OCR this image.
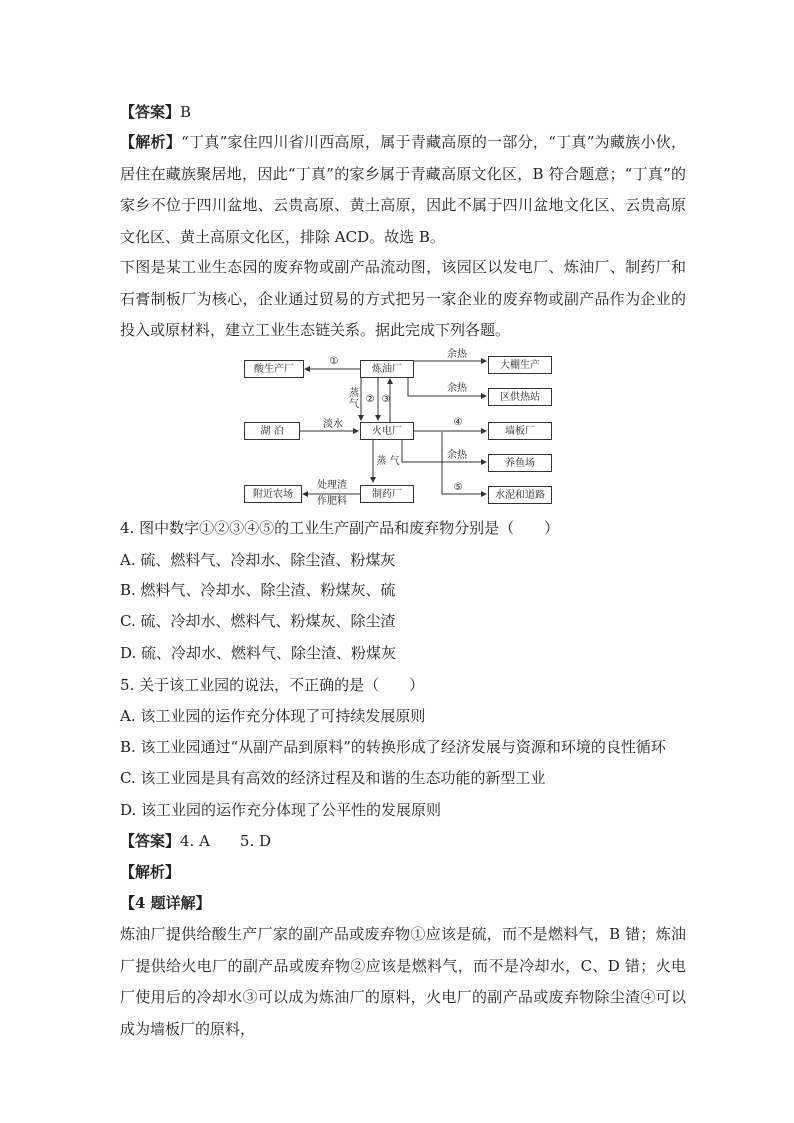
【答案】B

【解析】“丁真”家住四川省川西高原，属于青藏高原的一部分，“丁真”为藏族小伙，居住在藏族聚居地，因此“丁真”的家乡属于青藏高原文化区，B 符合题意；“丁真”的家乡不位于四川盆地、云贵高原、黄土高原，因此不属于四川盆地文化区、云贵高原文化区、黄土高原文化区，排除 ACD。故选 B。

下图是某工业生态园的废弃物或副产品流动图，该园区以发电厂、炼油厂、制药厂和石膏制板厂为核心，企业通过贸易的方式把另一家企业的废弃物或副产品作为企业的投入或原材料，建立工业生态链关系。据此完成下列各题。

酸生产厂	炼油厂	大棚生产
区供热站
湖 泊	火电厂	墙板厂
养鱼场
附近农场	制药厂	水泥和道路
①
余热
余热
蒸气 ② ③
淡水	④
余热
蒸 气
⑤
处理渣
作肥料

4. 图中数字①②③④⑤的工业生产副产品和废弃物分别是（　　）

A. 硫、燃料气、冷却水、除尘渣、粉煤灰

B. 燃料气、冷却水、除尘渣、粉煤灰、硫

C. 硫、冷却水、燃料气、粉煤灰、除尘渣

D. 硫、冷却水、燃料气、除尘渣、粉煤灰

5. 关于该工业园的说法，不正确的是（　　）

A. 该工业园的运作充分体现了可持续发展原则

B. 该工业园通过“从副产品到原料”的转换形成了经济发展与资源和环境的良性循环

C. 该工业园是具有高效的经济过程及和谐的生态功能的新型工业

D. 该工业园的运作充分体现了公平性的发展原则

【答案】4. A　　5. D

【解析】

【4 题详解】

炼油厂提供给酸生产厂家的副产品或废弃物①应该是硫，而不是燃料气，B 错；炼油厂提供给火电厂的副产品或废弃物②应该是燃料气，而不是冷却水，C、D 错；火电厂使用后的冷却水③可以成为炼油厂的原料，火电厂的副产品或废弃物除尘渣④可以成为墙板厂的原料，
